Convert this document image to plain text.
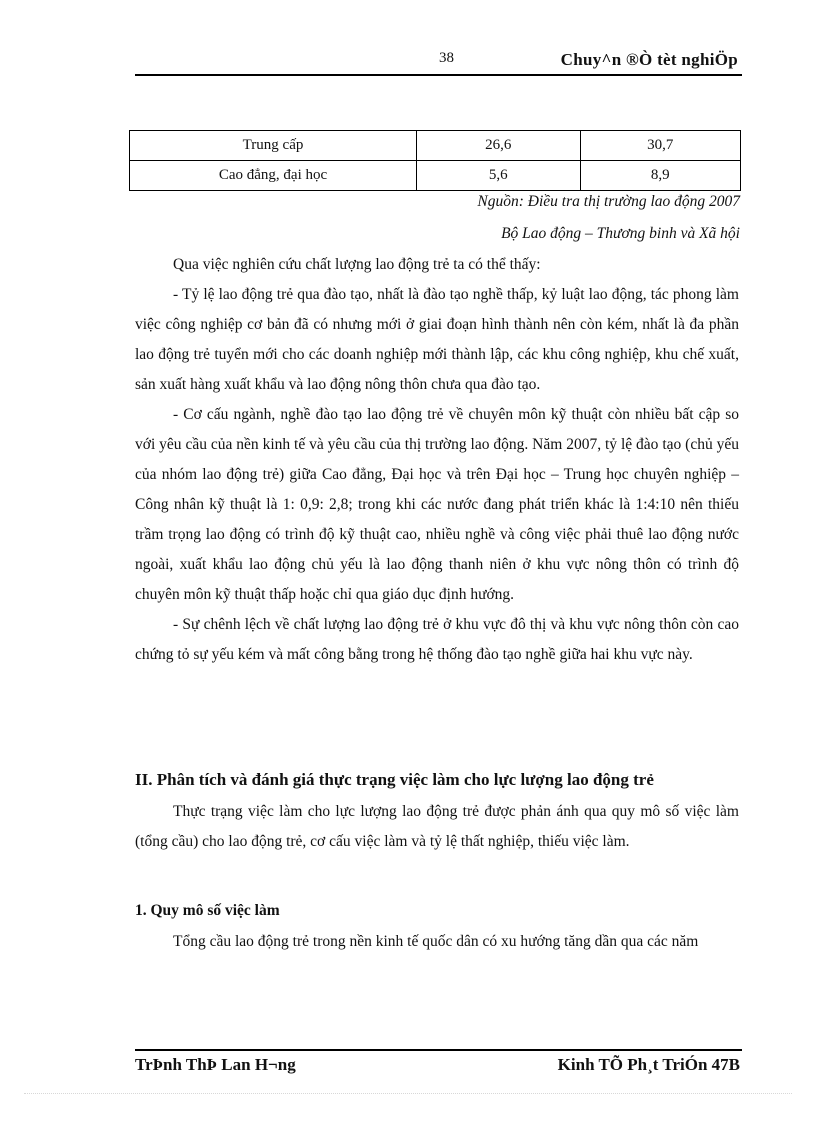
38	Chuy^n ®Ò tèt nghiÖp
Trung cấp	26,6	30,7
Cao đẳng, đại học	5,6	8,9
Nguồn: Điều tra thị trường lao động 2007
Bộ Lao động – Thương binh và Xã hội

Qua việc nghiên cứu chất lượng lao động trẻ ta có thể thấy:

- Tỷ lệ lao động trẻ qua đào tạo, nhất là đào tạo nghề thấp, kỷ luật lao động, tác phong làm việc công nghiệp cơ bản đã có nhưng mới ở giai đoạn hình thành nên còn kém, nhất là đa phần lao động trẻ tuyển mới cho các doanh nghiệp mới thành lập, các khu công nghiệp, khu chế xuất, sản xuất hàng xuất khẩu và lao động nông thôn chưa qua đào tạo.

- Cơ cấu ngành, nghề đào tạo lao động trẻ về chuyên môn kỹ thuật còn nhiều bất cập so với yêu cầu của nền kinh tế và yêu cầu của thị trường lao động. Năm 2007, tỷ lệ đào tạo (chủ yếu của nhóm lao động trẻ) giữa Cao đẳng, Đại học và trên Đại học – Trung học chuyên nghiệp – Công nhân kỹ thuật là 1: 0,9: 2,8; trong khi các nước đang phát triển khác là 1:4:10 nên thiếu trầm trọng lao động có trình độ kỹ thuật cao, nhiều nghề và công việc phải thuê lao động nước ngoài, xuất khẩu lao động chủ yếu là lao động thanh niên ở khu vực nông thôn có trình độ chuyên môn kỹ thuật thấp hoặc chỉ qua giáo dục định hướng.

- Sự chênh lệch về chất lượng lao động trẻ ở khu vực đô thị và khu vực nông thôn còn cao chứng tỏ sự yếu kém và mất công bằng trong hệ thống đào tạo nghề giữa hai khu vực này.

II. Phân tích và đánh giá thực trạng việc làm cho lực lượng lao động trẻ

Thực trạng việc làm cho lực lượng lao động trẻ được phản ánh qua quy mô số việc làm (tổng cầu) cho lao động trẻ, cơ cấu việc làm và tỷ lệ thất nghiệp, thiếu việc làm.

1. Quy mô số việc làm

Tổng cầu lao động trẻ trong nền kinh tế quốc dân có xu hướng tăng dần qua các năm

TrÞnh ThÞ Lan H¬ng	Kinh TÕ Ph¸t TriÓn 47B
